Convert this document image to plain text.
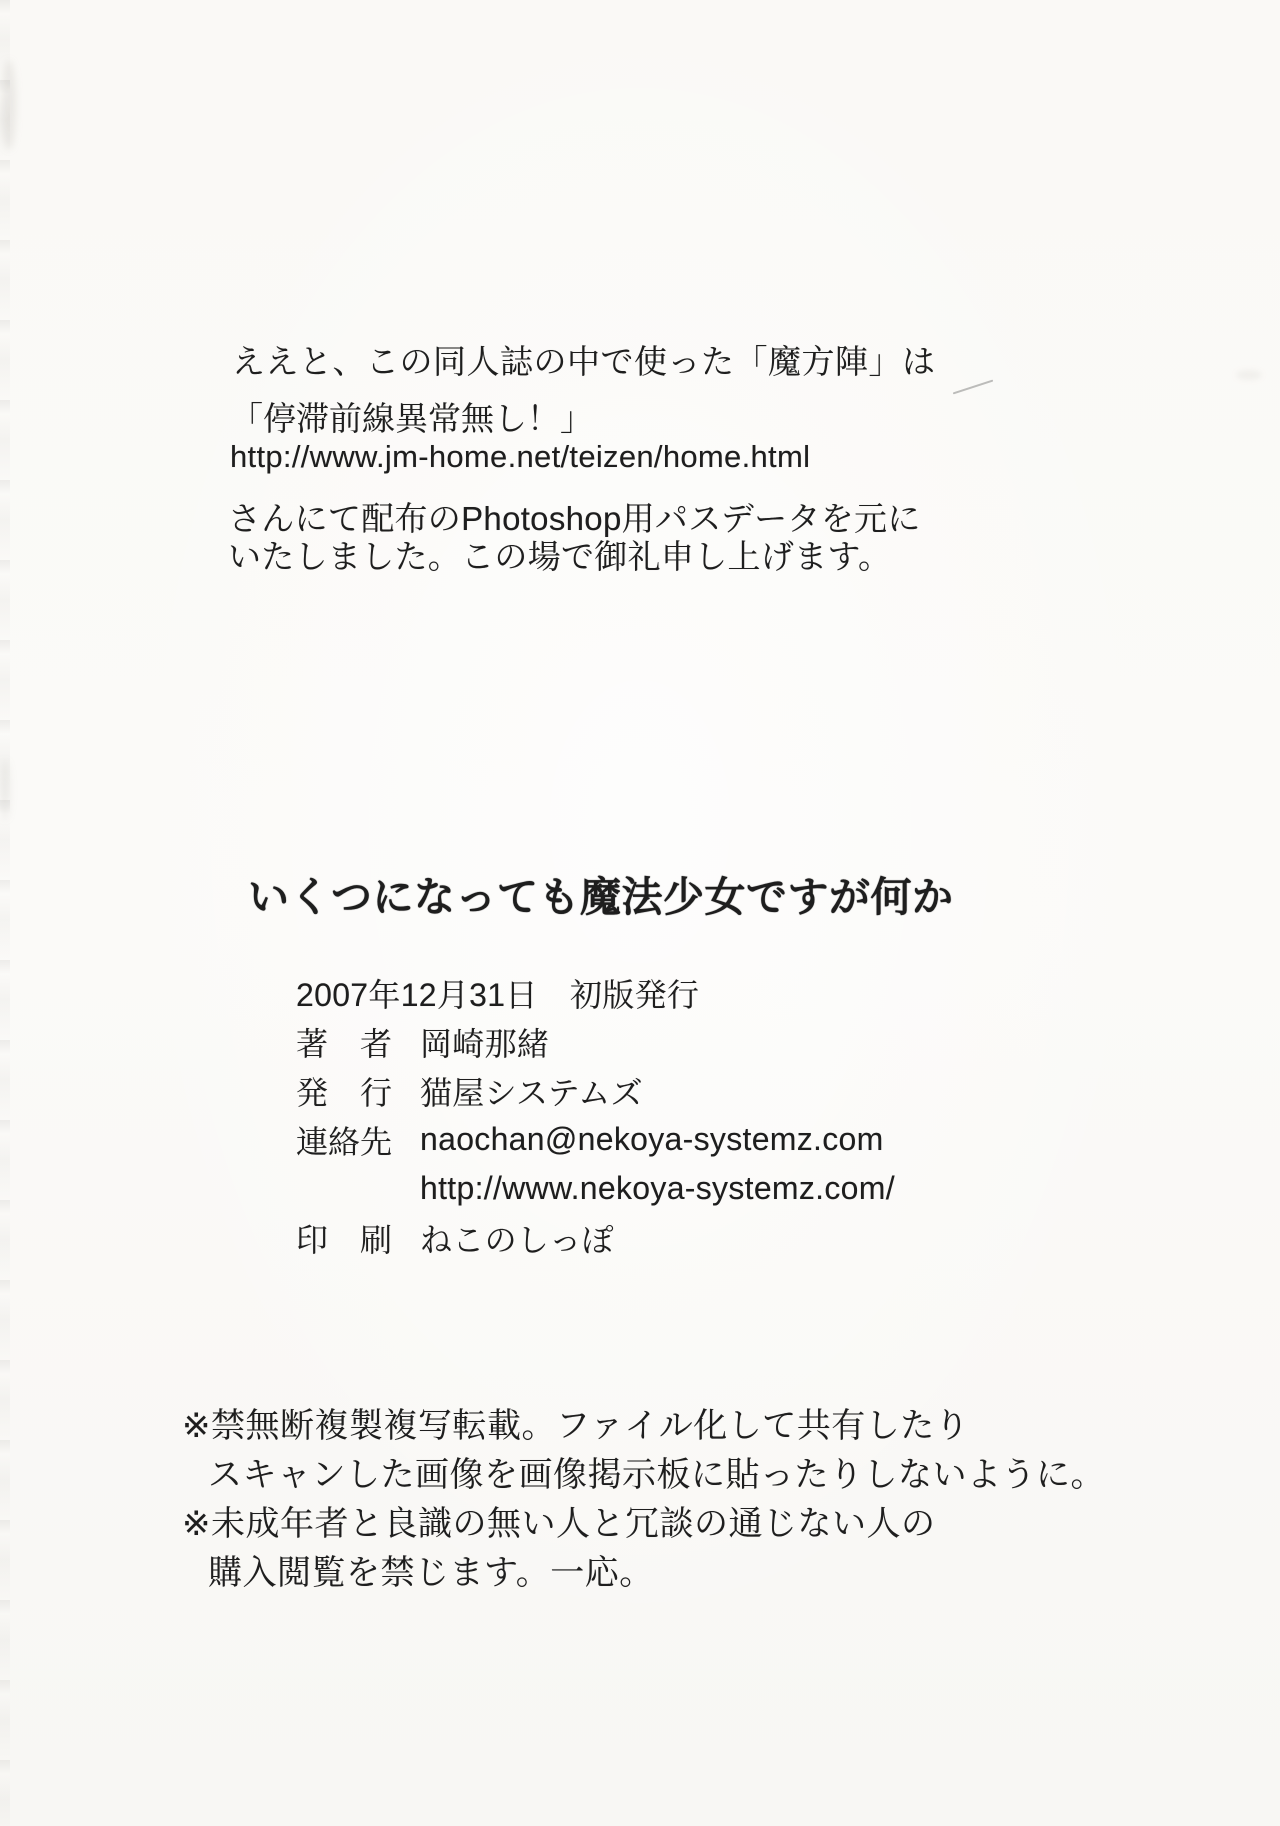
ええと、この同人誌の中で使った「魔方陣」は
「停滞前線異常無し！」
http://www.jm-home.net/teizen/home.html
さんにて配布のPhotoshop用パスデータを元に
いたしました。この場で御礼申し上げます。
いくつになっても魔法少女ですが何か
2007年12月31日　初版発行
著　者 岡崎那緒
発　行 猫屋システムズ
連絡先 naochan@nekoya-systemz.com
http://www.nekoya-systemz.com/
印　刷 ねこのしっぽ
※禁無断複製複写転載。ファイル化して共有したり
スキャンした画像を画像掲示板に貼ったりしないように。
※未成年者と良識の無い人と冗談の通じない人の
購入閲覧を禁じます。一応。
